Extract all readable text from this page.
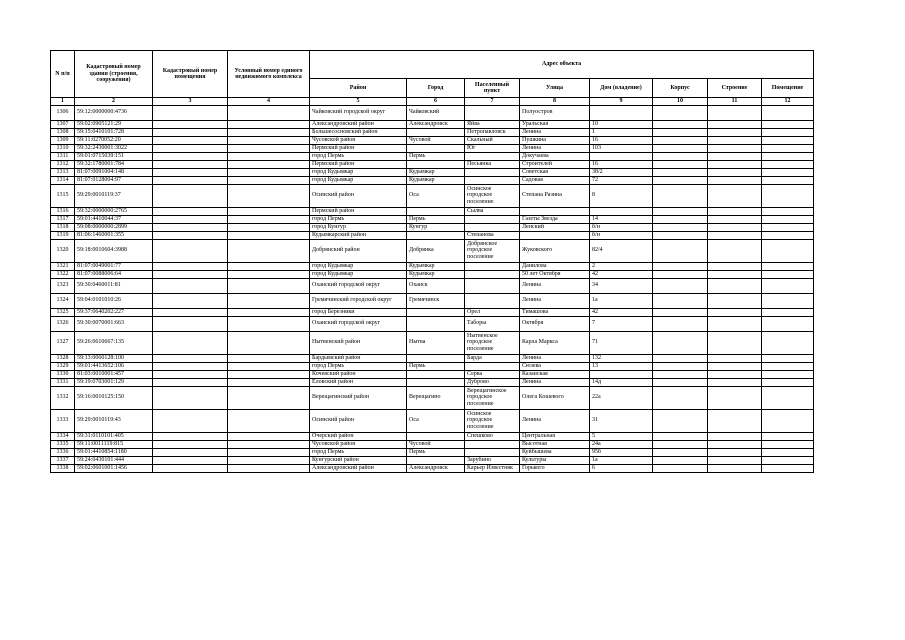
N п/п	Кадастровый номер здания (строения, сооружения)	Кадастровый номер помещения	Условный номер единого недвижимого комплекса	Адрес объекта							
				Район	Город	Населенный пункт	Улица	Дом (владение)	Корпус	Строение	Помещение
1	2	3	4	5	6	7	8	9	10	11	12
1306	59:12:0000000:4736			Чайковский городской округ	Чайковский		Полуостров				
1307	59:02:0905121:29			Александровский район	Александровск	Яйва	Уральская	10			
1308	59:15:0410101:728			Большесосновский район		Петропавловск	Ленина	1			
1309	59:11:0270052:20			Чусовской район	Чусовой	Скальный	Пушкина	16			
1310	59:32:2430001:3022			Пермский район		Юг	Ленина	103			
1311	59:01:0715039:151			город Пермь	Пермь		Докучаева				
1312	59:32:1780001:784			Пермский район		Песьянка	Строителей	16			
1313	81:07:0091004:148			город Кудымкар	Кудымкар		Советская	38/2			
1314	81:07:0128004:97			город Кудымкар	Кудымкар		Садовая	72			
1315	59:29:0010119:37			Осинский район	Оса	Осинское городское поселение	Степана Разина	8			
1316	59:32:0000000:2765			Пермский район		Сылва					
1317	59:01:4410044:37			город Пермь	Пермь		Газеты Звезда	14			
1318	59:08:0000000:2899			город Кунгур	Кунгур		Ленский	б/н			
1319	81:06:1460001:355			Кудымкарский район		Степанова		б/н			
1320	59:18:0010604:3988			Добрянский район	Добрянка	Добрянское городское поселение	Жуковского	82/4			
1321	81:07:0049001:77			город Кудымкар	Кудымкар		Данилова	2			
1322	81:07:0088006:64			город Кудымкар	Кудымкар		50 лет Октября	42			
1323	59:30:0460011:81			Оханский городской округ	Оханск		Ленина	34			
1324	59:04:0101010:26			Гремячинский городской округ	Гремячинск		Ленина	1а			
1325	59:37:0640202:227			город Березники		Орел	Тимашова	42			
1326	59:30:0070001:663			Оханский городской округ		Таборы	Октября	7			
1327	59:26:0610667:135			Нытвенский район	Нытва	Нытвенское городское поселение	Карла Маркса	71			
1328	59:13:0060128:100			Бардымский район		Барда	Ленина	132			
1329	59:01:4413652:106			город Пермь	Пермь		Сюзева	13			
1330	81:03:0010001:457			Кочевский район		Серва	Казанская				
1331	59:19:0703001:129			Еловский район		Дуброво	Ленина	14д			
1332	59:16:0010125:150			Верещагинский район	Верещагино	Верещагинское городское поселение	Олега Кошевого	22а			
1333	59:29:0010119:43			Осинский район	Оса	Осинское городское поселение	Ленина	31			
1334	59:31:0110101:405			Очерский район		Спешково	Центральная	5			
1335	59:11:0011119:815			Чусовской район	Чусовой		Высотная	24а			
1336	59:01:4410854:1180			город Пермь	Пермь		Куйбышева	95б			
1337	59:24:0430101:444			Кунгурский район		Зарубино	Культуры	1а			
1338	59:02:0601001:1456			Александровский район	Александровск	Карьер Известняк	Горького	6			
